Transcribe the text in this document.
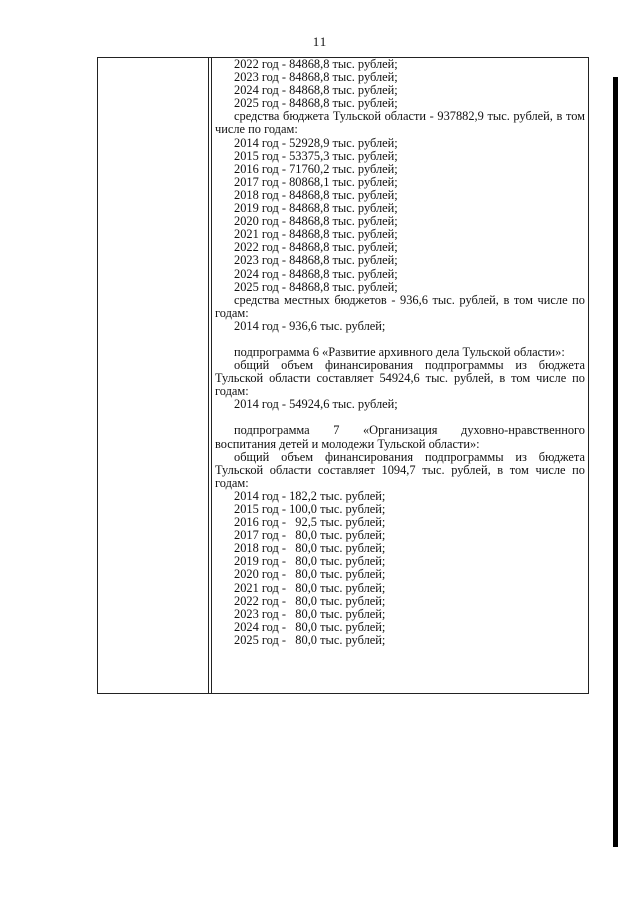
11
2022 год - 84868,8 тыс. рублей;
2023 год - 84868,8 тыс. рублей;
2024 год - 84868,8 тыс. рублей;
2025 год - 84868,8 тыс. рублей;
средства бюджета Тульской области - 937882,9 тыс. рублей, в том числе по годам:
2014 год - 52928,9 тыс. рублей;
2015 год - 53375,3 тыс. рублей;
2016 год - 71760,2 тыс. рублей;
2017 год - 80868,1 тыс. рублей;
2018 год - 84868,8 тыс. рублей;
2019 год - 84868,8 тыс. рублей;
2020 год - 84868,8 тыс. рублей;
2021 год - 84868,8 тыс. рублей;
2022 год - 84868,8 тыс. рублей;
2023 год - 84868,8 тыс. рублей;
2024 год - 84868,8 тыс. рублей;
2025 год - 84868,8 тыс. рублей;
средства местных бюджетов - 936,6 тыс. рублей, в том числе по годам:
2014 год - 936,6 тыс. рублей;
подпрограмма 6 «Развитие архивного дела Тульской области»:
общий объем финансирования подпрограммы из бюджета Тульской области составляет 54924,6 тыс. рублей, в том числе по годам:
2014 год - 54924,6 тыс. рублей;
подпрограмма 7 «Организация духовно-нравственного воспитания детей и молодежи Тульской области»:
общий объем финансирования подпрограммы из бюджета Тульской области составляет 1094,7 тыс. рублей, в том числе по годам:
2014 год - 182,2 тыс. рублей;
2015 год - 100,0 тыс. рублей;
2016 год -   92,5 тыс. рублей;
2017 год -   80,0 тыс. рублей;
2018 год -   80,0 тыс. рублей;
2019 год -   80,0 тыс. рублей;
2020 год -   80,0 тыс. рублей;
2021 год -   80,0 тыс. рублей;
2022 год -   80,0 тыс. рублей;
2023 год -   80,0 тыс. рублей;
2024 год -   80,0 тыс. рублей;
2025 год -   80,0 тыс. рублей;
